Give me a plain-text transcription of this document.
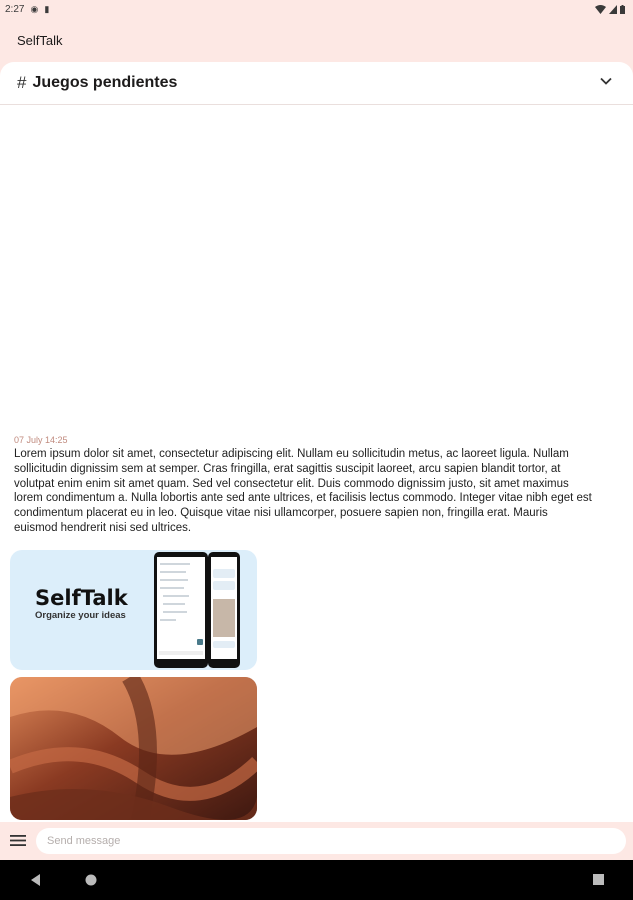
2:27 ◉ ▮
SelfTalk
# Juegos pendientes
07 July 14:25
Lorem ipsum dolor sit amet, consectetur adipiscing elit. Nullam eu sollicitudin metus, ac laoreet ligula. Nullam sollicitudin dignissim sem at semper. Cras fringilla, erat sagittis suscipit laoreet, arcu sapien blandit tortor, at volutpat enim enim sit amet quam. Sed vel consectetur elit. Duis commodo dignissim justo, sit amet maximus lorem condimentum a. Nulla lobortis ante sed ante ultrices, et facilisis lectus commodo. Integer vitae nibh eget est condimentum placerat eu in leo. Quisque vitae nisi ullamcorper, posuere sapien non, fringilla erat. Mauris euismod hendrerit nisi sed ultrices.
SelfTalk
Organize your ideas
Send message
